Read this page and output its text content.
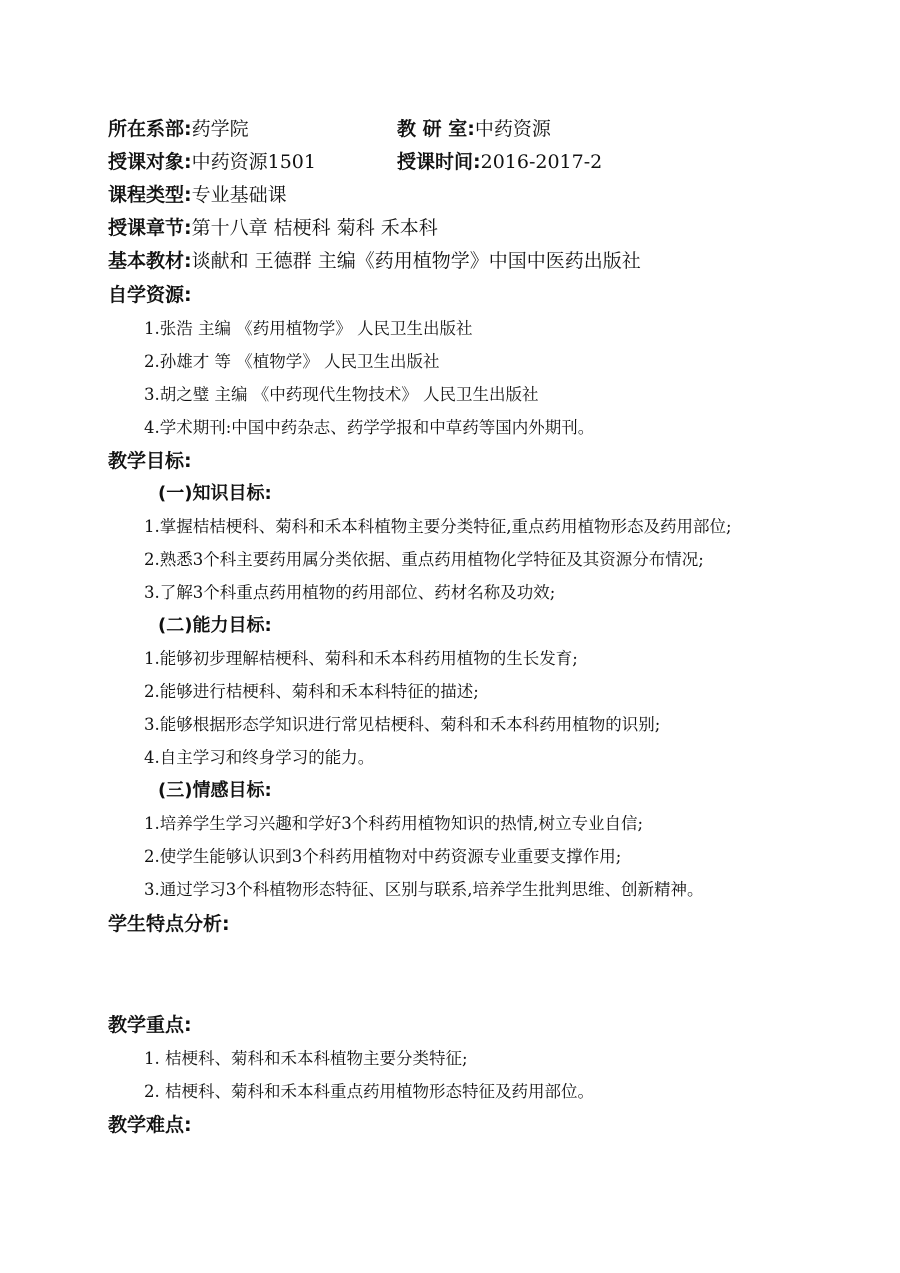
所在系部:药学院	教 研 室:中药资源
授课对象:中药资源1501	授课时间:2016-2017-2
课程类型:专业基础课
授课章节:第十八章 桔梗科 菊科 禾本科
基本教材:谈献和 王德群 主编《药用植物学》中国中医药出版社
自学资源:
1.张浩 主编 《药用植物学》 人民卫生出版社
2.孙雄才 等 《植物学》 人民卫生出版社
3.胡之璧 主编 《中药现代生物技术》 人民卫生出版社
4.学术期刊:中国中药杂志、药学学报和中草药等国内外期刊。
教学目标:
(一)知识目标:
1.掌握桔桔梗科、菊科和禾本科植物主要分类特征,重点药用植物形态及药用部位;
2.熟悉3个科主要药用属分类依据、重点药用植物化学特征及其资源分布情况;
3.了解3个科重点药用植物的药用部位、药材名称及功效;
(二)能力目标:
1.能够初步理解桔梗科、菊科和禾本科药用植物的生长发育;
2.能够进行桔梗科、菊科和禾本科特征的描述;
3.能够根据形态学知识进行常见桔梗科、菊科和禾本科药用植物的识别;
4.自主学习和终身学习的能力。
(三)情感目标:
1.培养学生学习兴趣和学好3个科药用植物知识的热情,树立专业自信;
2.使学生能够认识到3个科药用植物对中药资源专业重要支撑作用;
3.通过学习3个科植物形态特征、区别与联系,培养学生批判思维、创新精神。
学生特点分析:
教学重点:
1. 桔梗科、菊科和禾本科植物主要分类特征;
2. 桔梗科、菊科和禾本科重点药用植物形态特征及药用部位。
教学难点:
